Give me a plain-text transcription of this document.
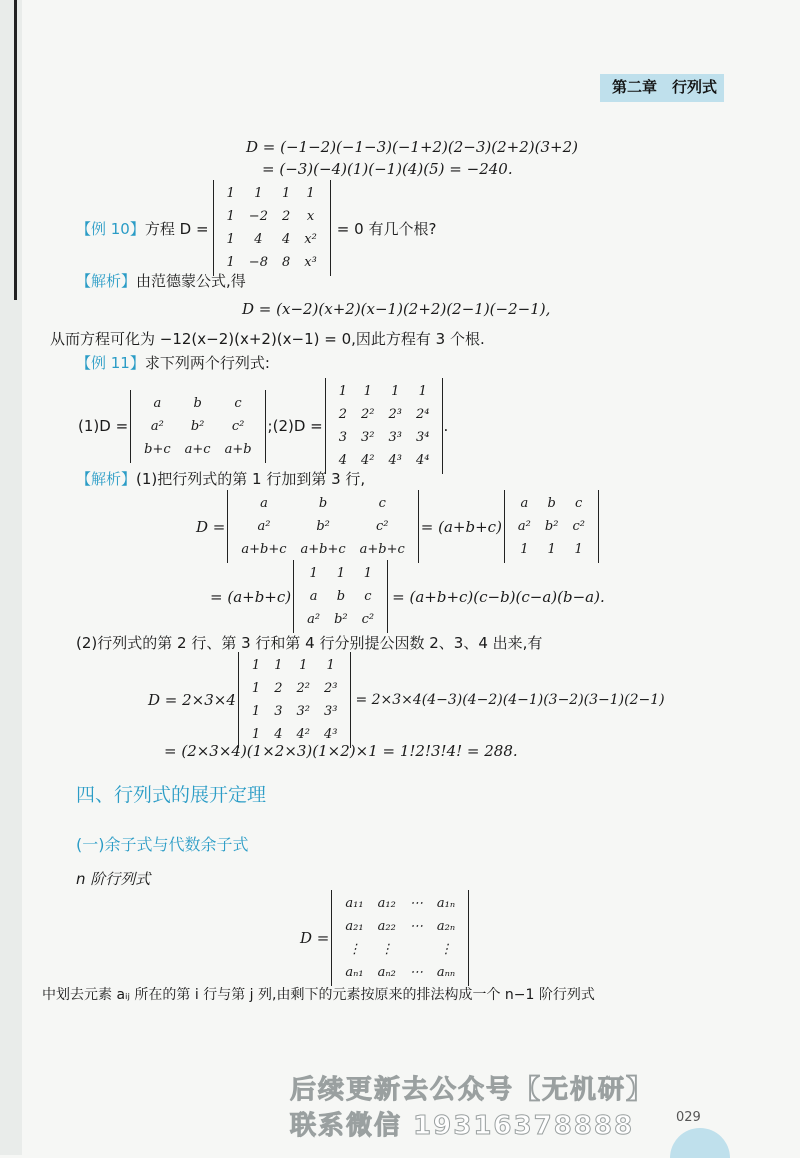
第二章　行列式
D = (−1−2)(−1−3)(−1+2)(2−3)(2+2)(3+2)
= (−3)(−4)(1)(−1)(4)(5) = −240.
【例 10】 方程 D =
1	1	1	1
1	−2	2	x
1	4	4	x²
1	−8	8	x³
= 0 有几个根?
【解析】由范德蒙公式,得
D = (x−2)(x+2)(x−1)(2+2)(2−1)(−2−1),
从而方程可化为 −12(x−2)(x+2)(x−1) = 0,因此方程有 3 个根.
【例 11】求下列两个行列式:
(1)D =
a	b	c
a²	b²	c²
b+c	a+c	a+b
;(2)D =
1	1	1	1
2	2²	2³	2⁴
3	3²	3³	3⁴
4	4²	4³	4⁴
.
【解析】(1)把行列式的第 1 行加到第 3 行,
D =
a	b	c
a²	b²	c²
a+b+c	a+b+c	a+b+c
= (a+b+c)
a	b	c
a²	b²	c²
1	1	1
= (a+b+c)
1	1	1
a	b	c
a²	b²	c²
= (a+b+c)(c−b)(c−a)(b−a).
(2)行列式的第 2 行、第 3 行和第 4 行分别提公因数 2、3、4 出来,有
D = 2×3×4
1	1	1	1
1	2	2²	2³
1	3	3²	3³
1	4	4²	4³
= 2×3×4(4−3)(4−2)(4−1)(3−2)(3−1)(2−1)
= (2×3×4)(1×2×3)(1×2)×1 = 1!2!3!4! = 288.
四、行列式的展开定理
(一)余子式与代数余子式
n 阶行列式
D =
a₁₁	a₁₂	⋯	a₁ₙ
a₂₁	a₂₂	⋯	a₂ₙ
⋮	⋮		⋮
aₙ₁	aₙ₂	⋯	aₙₙ
中划去元素 aᵢⱼ 所在的第 i 行与第 j 列,由剩下的元素按原来的排法构成一个 n−1 阶行列式
后续更新去公众号【无机研】
联系微信 19316378888	029
